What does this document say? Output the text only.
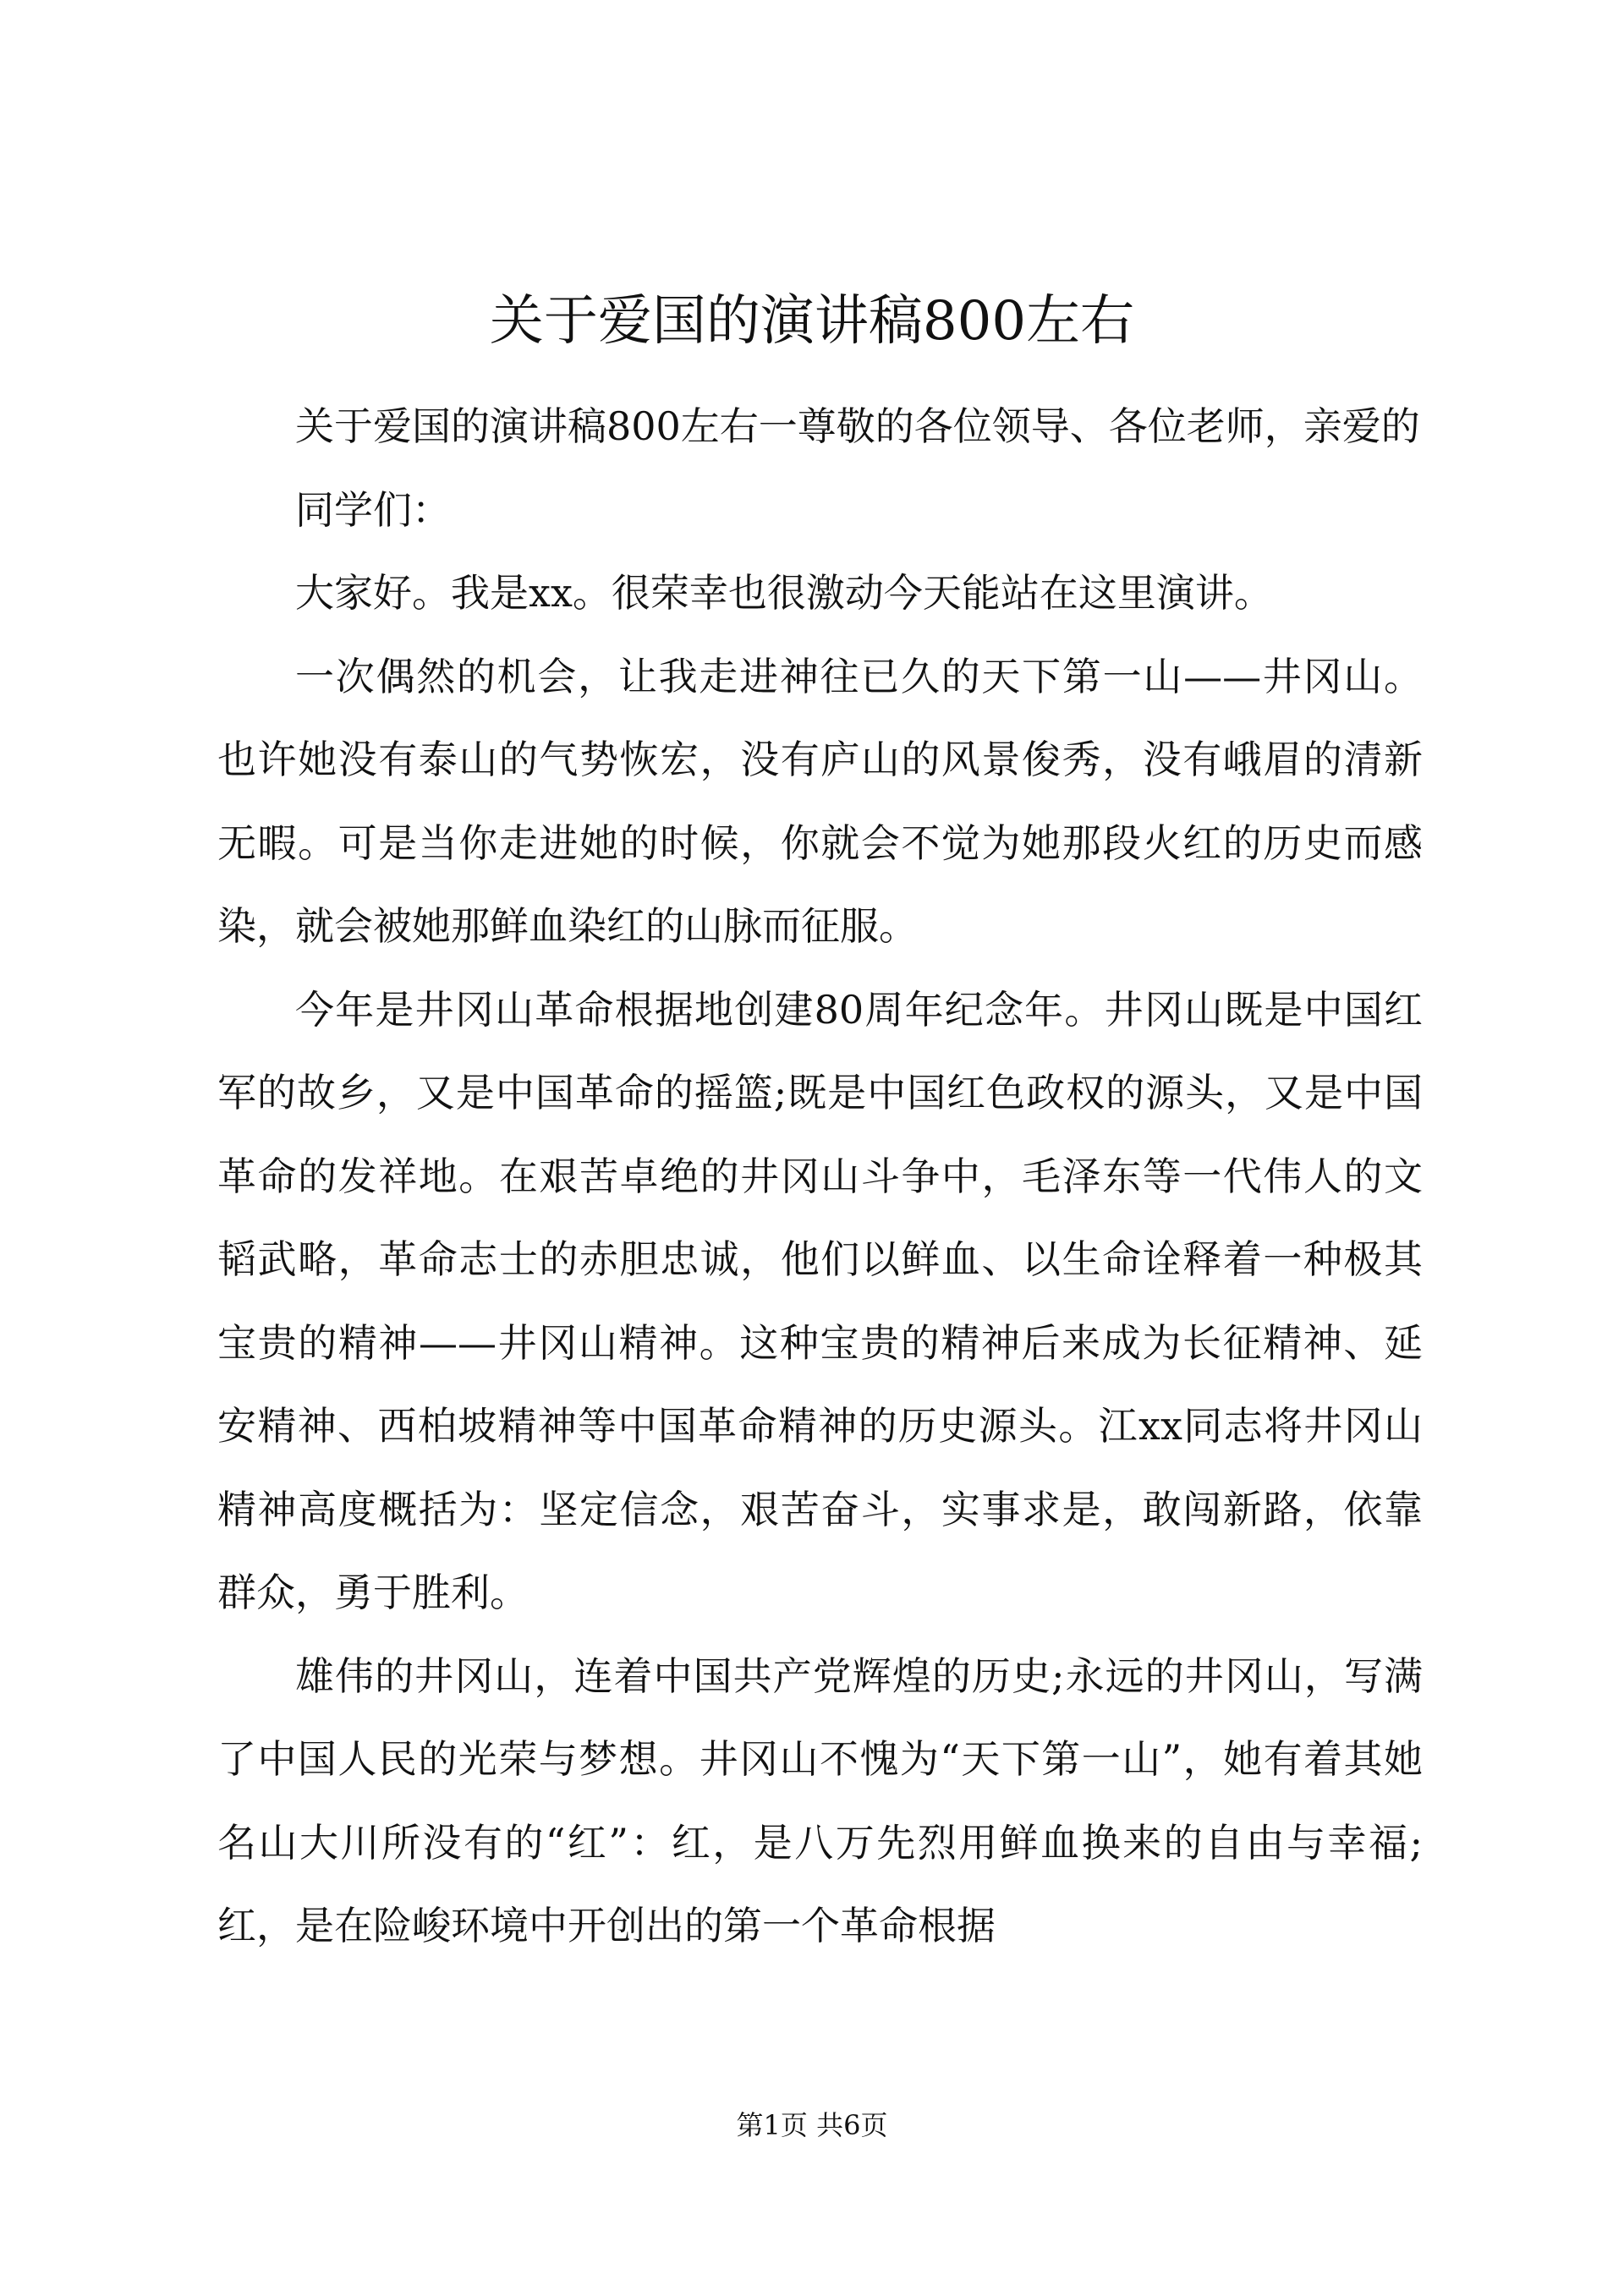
关于爱国的演讲稿800左右

关于爱国的演讲稿800左右一尊敬的各位领导、各位老师，亲爱的

同学们：

大家好。我是xx。很荣幸也很激动今天能站在这里演讲。

一次偶然的机会，让我走进神往已久的天下第一山——井冈山。也许她没有泰山的气势恢宏，没有庐山的风景俊秀，没有峨眉的清新无暇。可是当你走进她的时候，你就会不觉为她那段火红的历史而感染，就会被她那鲜血染红的山脉而征服。

今年是井冈山革命根据地创建80周年纪念年。井冈山既是中国红军的故乡，又是中国革命的摇篮;既是中国红色政权的源头，又是中国革命的发祥地。在艰苦卓绝的井冈山斗争中，毛泽东等一代伟人的文韬武略，革命志士的赤胆忠诚，他们以鲜血、以生命诠释着一种极其宝贵的精神——井冈山精神。这种宝贵的精神后来成为长征精神、延安精神、西柏坡精神等中国革命精神的历史源头。江xx同志将井冈山精神高度概括为：坚定信念，艰苦奋斗，实事求是，敢闯新路，依靠群众，勇于胜利。

雄伟的井冈山，连着中国共产党辉煌的历史;永远的井冈山，写满了中国人民的光荣与梦想。井冈山不愧为“天下第一山”，她有着其她名山大川所没有的“红”：红，是八万先烈用鲜血换来的自由与幸福;红，是在险峻环境中开创出的第一个革命根据

第1页 共6页
